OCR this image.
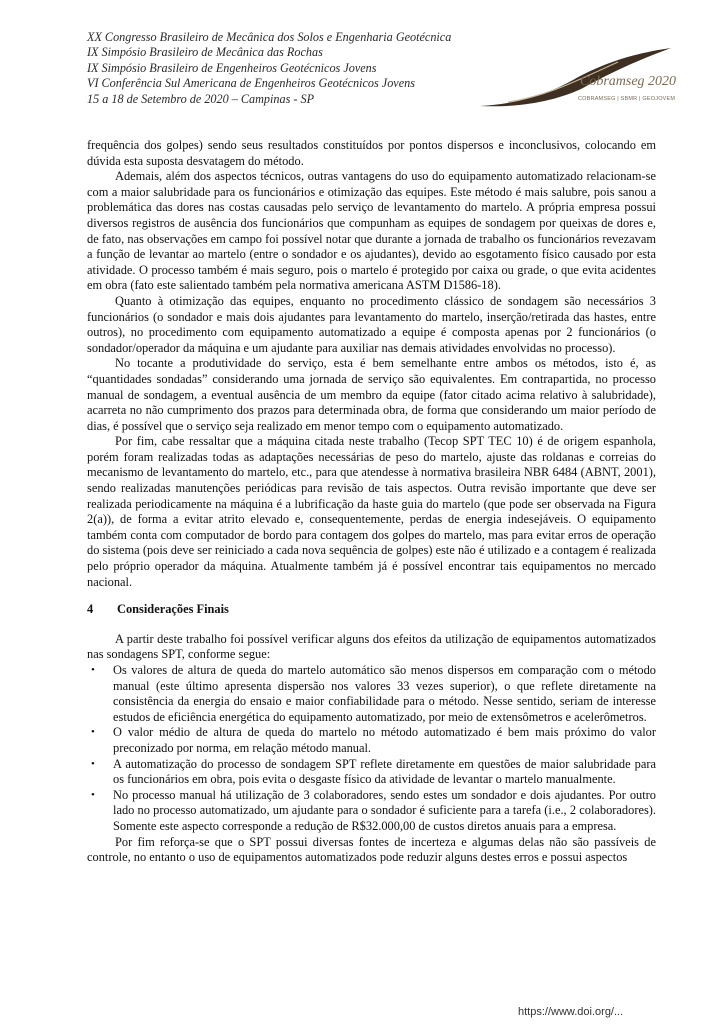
XX Congresso Brasileiro de Mecânica dos Solos e Engenharia Geotécnica
IX Simpósio Brasileiro de Mecânica das Rochas
IX Simpósio Brasileiro de Engenheiros Geotécnicos Jovens
VI Conferência Sul Americana de Engenheiros Geotécnicos Jovens
15 a 18 de Setembro de 2020 – Campinas - SP
Cobramseg 2020
COBRAMSEG | SBMR | GEOJOVEM

frequência dos golpes) sendo seus resultados constituídos por pontos dispersos e inconclusivos, colocando em dúvida esta suposta desvatagem do método.

Ademais, além dos aspectos técnicos, outras vantagens do uso do equipamento automatizado relacionam-se com a maior salubridade para os funcionários e otimização das equipes. Este método é mais salubre, pois sanou a problemática das dores nas costas causadas pelo serviço de levantamento do martelo. A própria empresa possui diversos registros de ausência dos funcionários que compunham as equipes de sondagem por queixas de dores e, de fato, nas observações em campo foi possível notar que durante a jornada de trabalho os funcionários revezavam a função de levantar ao martelo (entre o sondador e os ajudantes), devido ao esgotamento físico causado por esta atividade. O processo também é mais seguro, pois o martelo é protegido por caixa ou grade, o que evita acidentes em obra (fato este salientado também pela normativa americana ASTM D1586-18).

Quanto à otimização das equipes, enquanto no procedimento clássico de sondagem são necessários 3 funcionários (o sondador e mais dois ajudantes para levantamento do martelo, inserção/retirada das hastes, entre outros), no procedimento com equipamento automatizado a equipe é composta apenas por 2 funcionários (o sondador/operador da máquina e um ajudante para auxiliar nas demais atividades envolvidas no processo).

No tocante a produtividade do serviço, esta é bem semelhante entre ambos os métodos, isto é, as “quantidades sondadas” considerando uma jornada de serviço são equivalentes. Em contrapartida, no processo manual de sondagem, a eventual ausência de um membro da equipe (fator citado acima relativo à salubridade), acarreta no não cumprimento dos prazos para determinada obra, de forma que considerando um maior período de dias, é possível que o serviço seja realizado em menor tempo com o equipamento automatizado.

Por fim, cabe ressaltar que a máquina citada neste trabalho (Tecop SPT TEC 10) é de origem espanhola, porém foram realizadas todas as adaptações necessárias de peso do martelo, ajuste das roldanas e correias do mecanismo de levantamento do martelo, etc., para que atendesse à normativa brasileira NBR 6484 (ABNT, 2001), sendo realizadas manutenções periódicas para revisão de tais aspectos. Outra revisão importante que deve ser realizada periodicamente na máquina é a lubrificação da haste guia do martelo (que pode ser observada na Figura 2(a)), de forma a evitar atrito elevado e, consequentemente, perdas de energia indesejáveis. O equipamento também conta com computador de bordo para contagem dos golpes do martelo, mas para evitar erros de operação do sistema (pois deve ser reiniciado a cada nova sequência de golpes) este não é utilizado e a contagem é realizada pelo próprio operador da máquina. Atualmente também já é possível encontrar tais equipamentos no mercado nacional.

4	Considerações Finais

A partir deste trabalho foi possível verificar alguns dos efeitos da utilização de equipamentos automatizados nas sondagens SPT, conforme segue:

• Os valores de altura de queda do martelo automático são menos dispersos em comparação com o método manual (este último apresenta dispersão nos valores 33 vezes superior), o que reflete diretamente na consistência da energia do ensaio e maior confiabilidade para o método. Nesse sentido, seriam de interesse estudos de eficiência energética do equipamento automatizado, por meio de extensômetros e acelerômetros.
• O valor médio de altura de queda do martelo no método automatizado é bem mais próximo do valor preconizado por norma, em relação método manual.
• A automatização do processo de sondagem SPT reflete diretamente em questões de maior salubridade para os funcionários em obra, pois evita o desgaste físico da atividade de levantar o martelo manualmente.
• No processo manual há utilização de 3 colaboradores, sendo estes um sondador e dois ajudantes. Por outro lado no processo automatizado, um ajudante para o sondador é suficiente para a tarefa (i.e., 2 colaboradores). Somente este aspecto corresponde a redução de R$32.000,00 de custos diretos anuais para a empresa.

Por fim reforça-se que o SPT possui diversas fontes de incerteza e algumas delas não são passíveis de controle, no entanto o uso de equipamentos automatizados pode reduzir alguns destes erros e possui aspectos

https://www.doi.org/...
